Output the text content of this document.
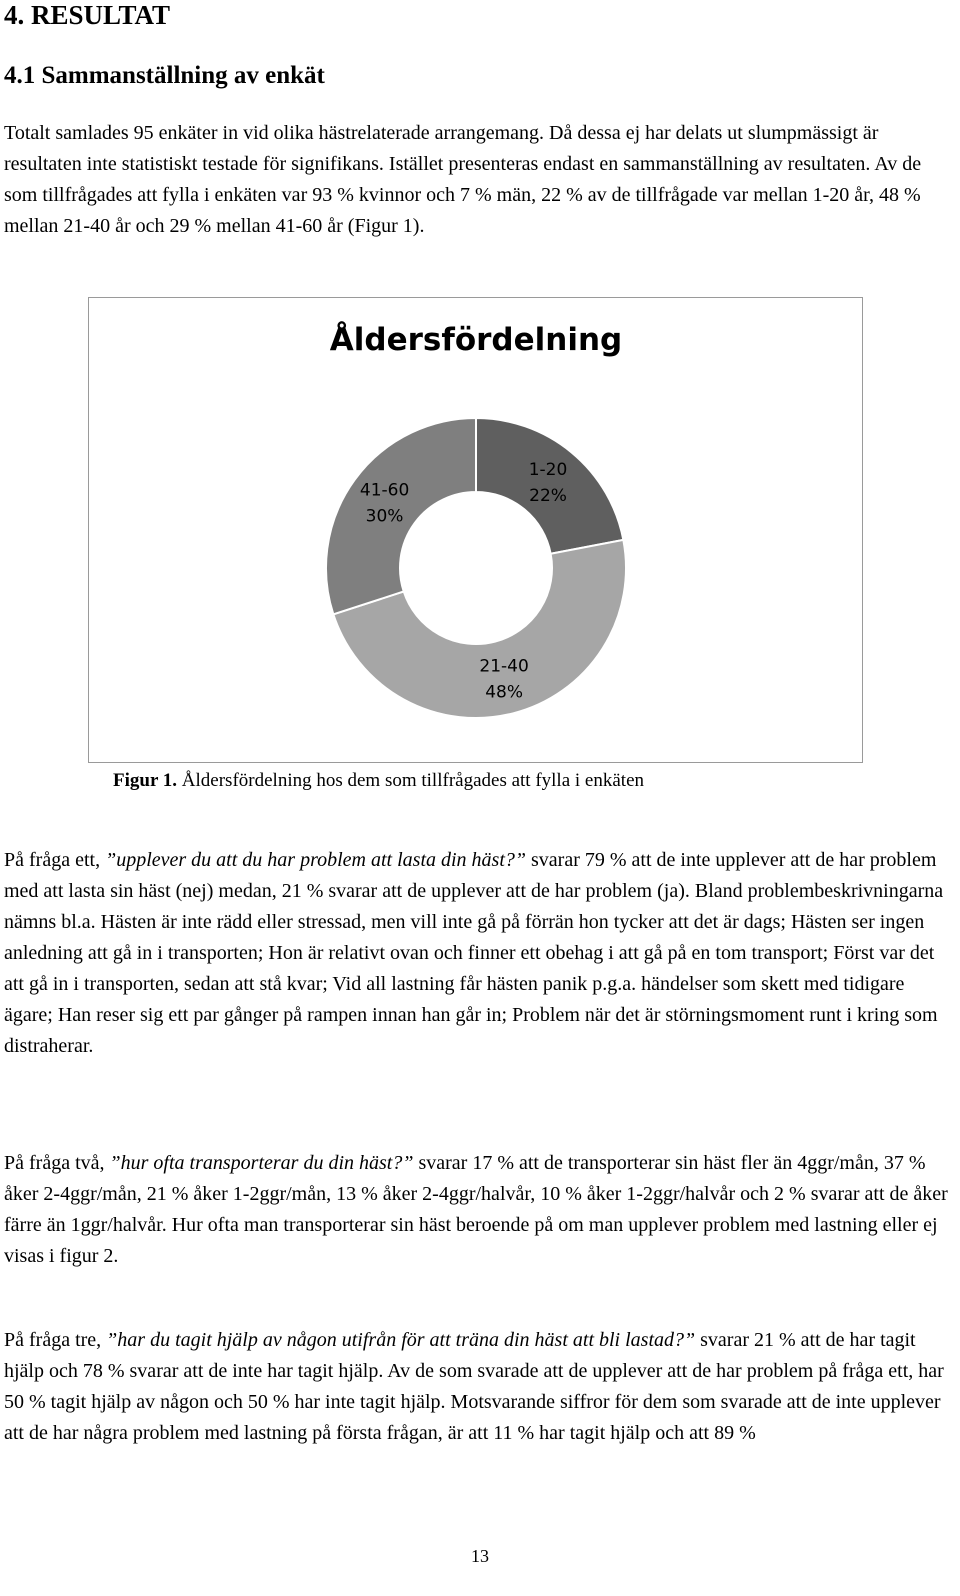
4. RESULTAT
4.1 Sammanställning av enkät

Totalt samlades 95 enkäter in vid olika hästrelaterade arrangemang. Då dessa ej har delats ut slumpmässigt är resultaten inte statistiskt testade för signifikans. Istället presenteras endast en sammanställning av resultaten. Av de som tillfrågades att fylla i enkäten var 93 % kvinnor och 7 % män, 22 % av de tillfrågade var mellan 1-20 år, 48 % mellan 21-40 år och 29 % mellan 41-60 år (Figur 1).

Åldersfördelning
1-20
22%
21-40
48%
41-60
30%

Figur 1. Åldersfördelning hos dem som tillfrågades att fylla i enkäten

På fråga ett, ”upplever du att du har problem att lasta din häst?” svarar 79 % att de inte upplever att de har problem med att lasta sin häst (nej) medan, 21 % svarar att de upplever att de har problem (ja). Bland problembeskrivningarna nämns bl.a. Hästen är inte rädd eller stressad, men vill inte gå på förrän hon tycker att det är dags; Hästen ser ingen anledning att gå in i transporten; Hon är relativt ovan och finner ett obehag i att gå på en tom transport; Först var det att gå in i transporten, sedan att stå kvar; Vid all lastning får hästen panik p.g.a. händelser som skett med tidigare ägare; Han reser sig ett par gånger på rampen innan han går in; Problem när det är störningsmoment runt i kring som distraherar.

På fråga två, ”hur ofta transporterar du din häst?” svarar 17 % att de transporterar sin häst fler än 4ggr/mån, 37 % åker 2-4ggr/mån, 21 % åker 1-2ggr/mån, 13 % åker 2-4ggr/halvår, 10 % åker 1-2ggr/halvår och 2 % svarar att de åker färre än 1ggr/halvår. Hur ofta man transporterar sin häst beroende på om man upplever problem med lastning eller ej visas i figur 2.

På fråga tre, ”har du tagit hjälp av någon utifrån för att träna din häst att bli lastad?” svarar 21 % att de har tagit hjälp och 78 % svarar att de inte har tagit hjälp. Av de som svarade att de upplever att de har problem på fråga ett, har 50 % tagit hjälp av någon och 50 % har inte tagit hjälp. Motsvarande siffror för dem som svarade att de inte upplever att de har några problem med lastning på första frågan, är att 11 % har tagit hjälp och att 89 %

13
